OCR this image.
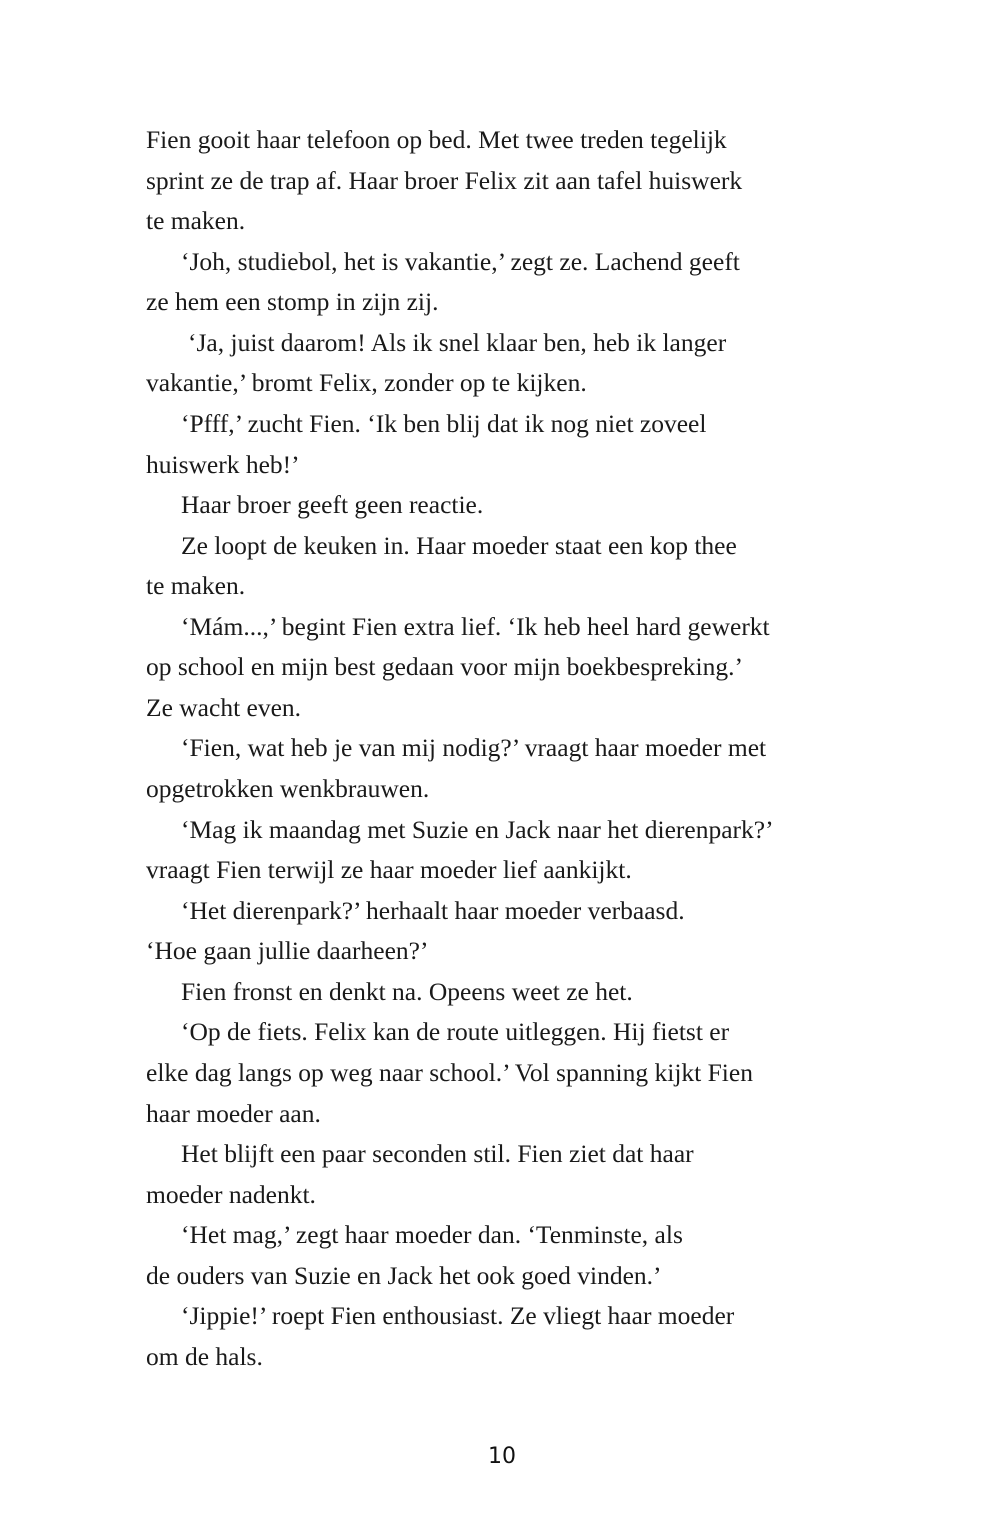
Fien gooit haar telefoon op bed. Met twee treden tegelijk
sprint ze de trap af. Haar broer Felix zit aan tafel huiswerk
te maken.
‘Joh, studiebol, het is vakantie,’ zegt ze. Lachend geeft
ze hem een stomp in zijn zij.
‘Ja, juist daarom! Als ik snel klaar ben, heb ik langer
vakantie,’ bromt Felix, zonder op te kijken.
‘Pfff,’ zucht Fien. ‘Ik ben blij dat ik nog niet zoveel
huiswerk heb!’
Haar broer geeft geen reactie.
Ze loopt de keuken in. Haar moeder staat een kop thee
te maken.
‘Mám...,’ begint Fien extra lief. ‘Ik heb heel hard gewerkt
op school en mijn best gedaan voor mijn boekbespreking.’
Ze wacht even.
‘Fien, wat heb je van mij nodig?’ vraagt haar moeder met
opgetrokken wenkbrauwen.
‘Mag ik maandag met Suzie en Jack naar het dierenpark?’
vraagt Fien terwijl ze haar moeder lief aankijkt.
‘Het dierenpark?’ herhaalt haar moeder verbaasd.
‘Hoe gaan jullie daarheen?’
Fien fronst en denkt na. Opeens weet ze het.
‘Op de fiets. Felix kan de route uitleggen. Hij fietst er
elke dag langs op weg naar school.’ Vol spanning kijkt Fien
haar moeder aan.
Het blijft een paar seconden stil. Fien ziet dat haar
moeder nadenkt.
‘Het mag,’ zegt haar moeder dan. ‘Tenminste, als
de ouders van Suzie en Jack het ook goed vinden.’
‘Jippie!’ roept Fien enthousiast. Ze vliegt haar moeder
om de hals.
10
